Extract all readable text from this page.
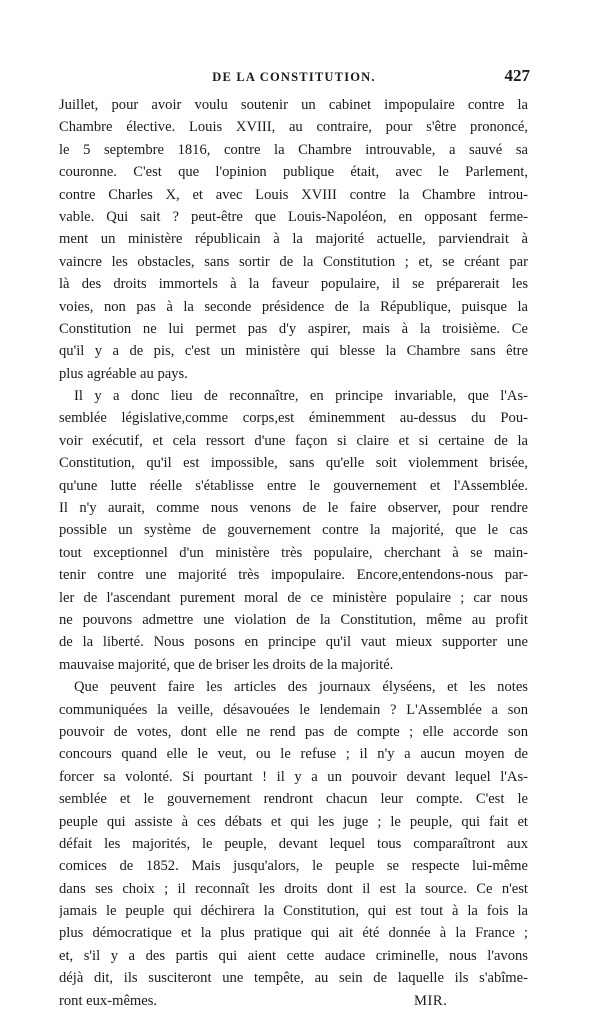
DE LA CONSTITUTION.	427
Juillet, pour avoir voulu soutenir un cabinet impopulaire contre la
Chambre élective. Louis XVIII, au contraire, pour s'être prononcé,
le 5 septembre 1816, contre la Chambre introuvable, a sauvé sa
couronne. C'est que l'opinion publique était, avec le Parlement,
contre Charles X, et avec Louis XVIII contre la Chambre introu-
vable. Qui sait ? peut-être que Louis-Napoléon, en opposant ferme-
ment un ministère républicain à la majorité actuelle, parviendrait à
vaincre les obstacles, sans sortir de la Constitution ; et, se créant par
là des droits immortels à la faveur populaire, il se préparerait les
voies, non pas à la seconde présidence de la République, puisque la
Constitution ne lui permet pas d'y aspirer, mais à la troisième. Ce
qu'il y a de pis, c'est un ministère qui blesse la Chambre sans être
plus agréable au pays.
Il y a donc lieu de reconnaître, en principe invariable, que l'As-
semblée législative,comme corps,est éminemment au-dessus du Pou-
voir exécutif, et cela ressort d'une façon si claire et si certaine de la
Constitution, qu'il est impossible, sans qu'elle soit violemment brisée,
qu'une lutte réelle s'établisse entre le gouvernement et l'Assemblée.
Il n'y aurait, comme nous venons de le faire observer, pour rendre
possible un système de gouvernement contre la majorité, que le cas
tout exceptionnel d'un ministère très populaire, cherchant à se main-
tenir contre une majorité très impopulaire. Encore,entendons-nous par-
ler de l'ascendant purement moral de ce ministère populaire ; car nous
ne pouvons admettre une violation de la Constitution, même au profit
de la liberté. Nous posons en principe qu'il vaut mieux supporter une
mauvaise majorité, que de briser les droits de la majorité.
Que peuvent faire les articles des journaux élyséens, et les notes
communiquées la veille, désavouées le lendemain ? L'Assemblée a son
pouvoir de votes, dont elle ne rend pas de compte ; elle accorde son
concours quand elle le veut, ou le refuse ; il n'y a aucun moyen de
forcer sa volonté. Si pourtant ! il y a un pouvoir devant lequel l'As-
semblée et le gouvernement rendront chacun leur compte. C'est le
peuple qui assiste à ces débats et qui les juge ; le peuple, qui fait et
défait les majorités, le peuple, devant lequel tous comparaîtront aux
comices de 1852. Mais jusqu'alors, le peuple se respecte lui-même
dans ses choix ; il reconnaît les droits dont il est la source. Ce n'est
jamais le peuple qui déchirera la Constitution, qui est tout à la fois la
plus démocratique et la plus pratique qui ait été donnée à la France ;
et, s'il y a des partis qui aient cette audace criminelle, nous l'avons
déjà dit, ils susciteront une tempête, au sein de laquelle ils s'abîme-
ront eux-mêmes.	MIR.
